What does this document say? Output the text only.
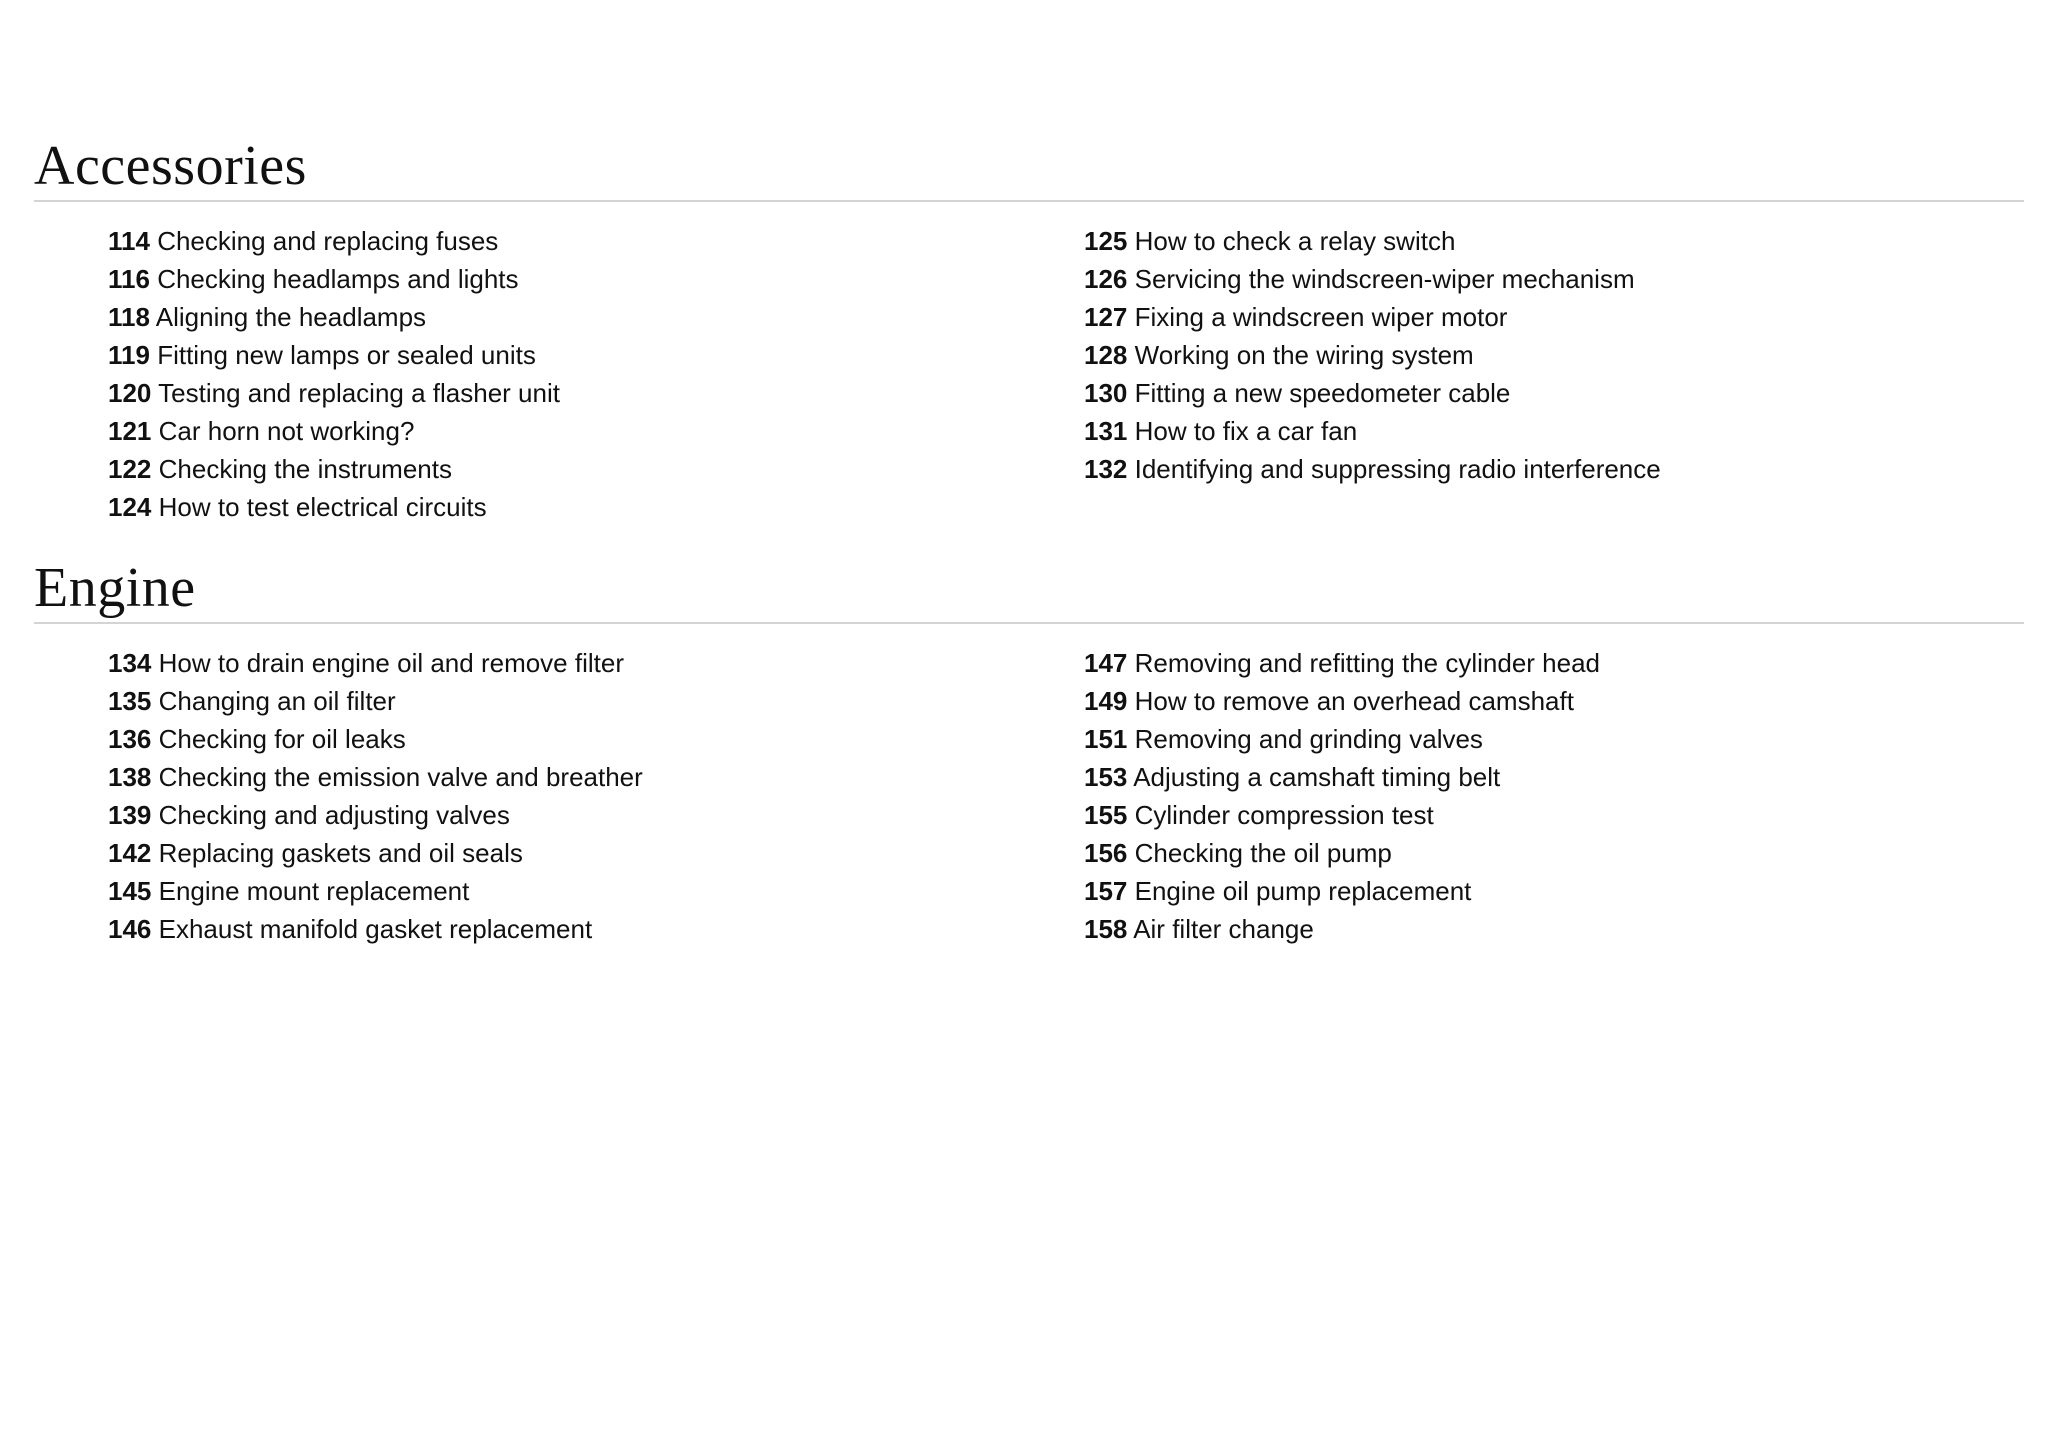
Accessories
114 Checking and replacing fuses
116 Checking headlamps and lights
118 Aligning the headlamps
119 Fitting new lamps or sealed units
120 Testing and replacing a flasher unit
121 Car horn not working?
122 Checking the instruments
124 How to test electrical circuits
125 How to check a relay switch
126 Servicing the windscreen-wiper mechanism
127 Fixing a windscreen wiper motor
128 Working on the wiring system
130 Fitting a new speedometer cable
131 How to fix a car fan
132 Identifying and suppressing radio interference
Engine
134 How to drain engine oil and remove filter
135 Changing an oil filter
136 Checking for oil leaks
138 Checking the emission valve and breather
139 Checking and adjusting valves
142 Replacing gaskets and oil seals
145 Engine mount replacement
146 Exhaust manifold gasket replacement
147 Removing and refitting the cylinder head
149 How to remove an overhead camshaft
151 Removing and grinding valves
153 Adjusting a camshaft timing belt
155 Cylinder compression test
156 Checking the oil pump
157 Engine oil pump replacement
158 Air filter change
